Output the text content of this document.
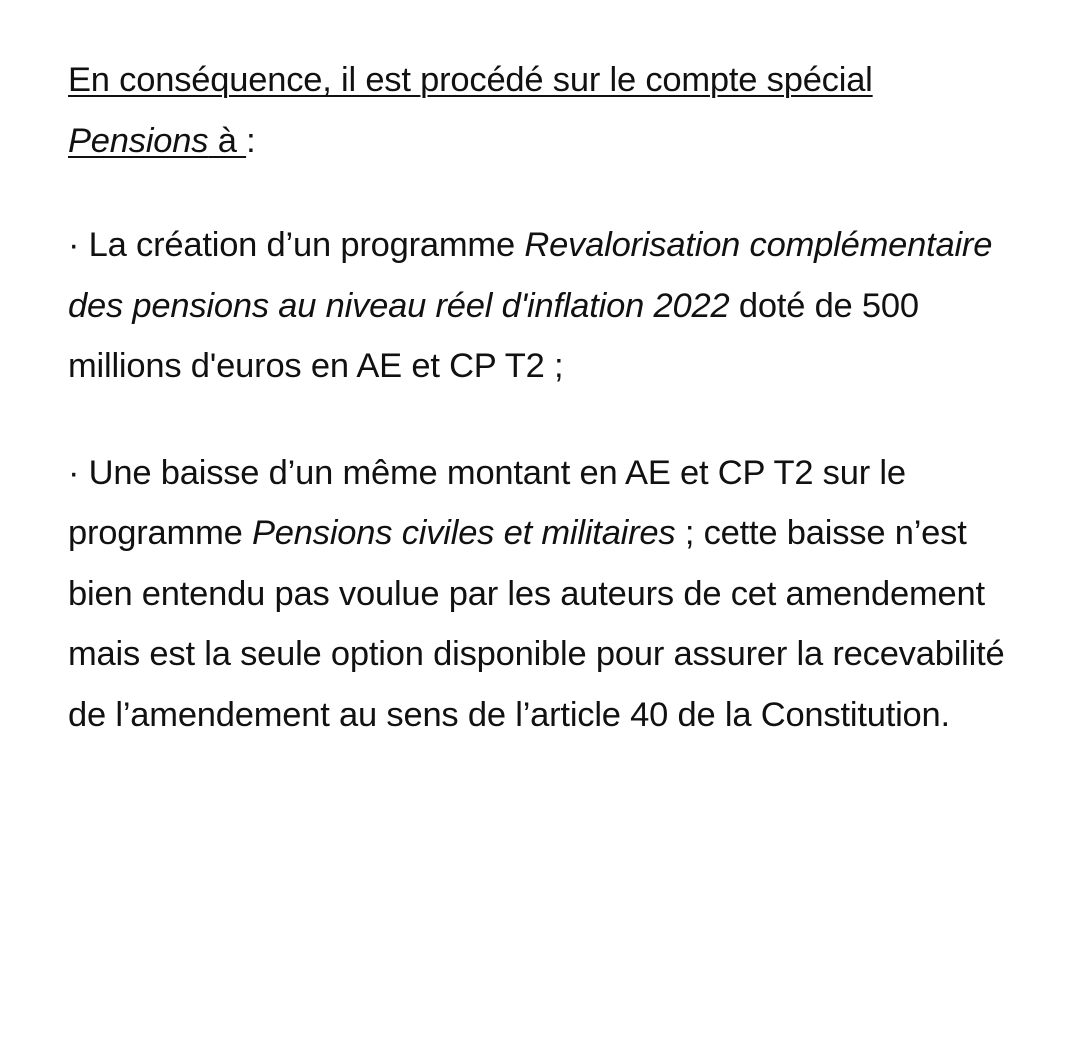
En conséquence, il est procédé sur le compte spécial
Pensions à :

· La création d’un programme Revalorisation complémentaire des pensions au niveau réel d'inflation 2022 doté de 500 millions d'euros en AE et CP T2 ;

· Une baisse d’un même montant en AE et CP T2 sur le programme Pensions civiles et militaires ; cette baisse n’est bien entendu pas voulue par les auteurs de cet amendement mais est la seule option disponible pour assurer la recevabilité de l’amendement au sens de l’article 40 de la Constitution.
